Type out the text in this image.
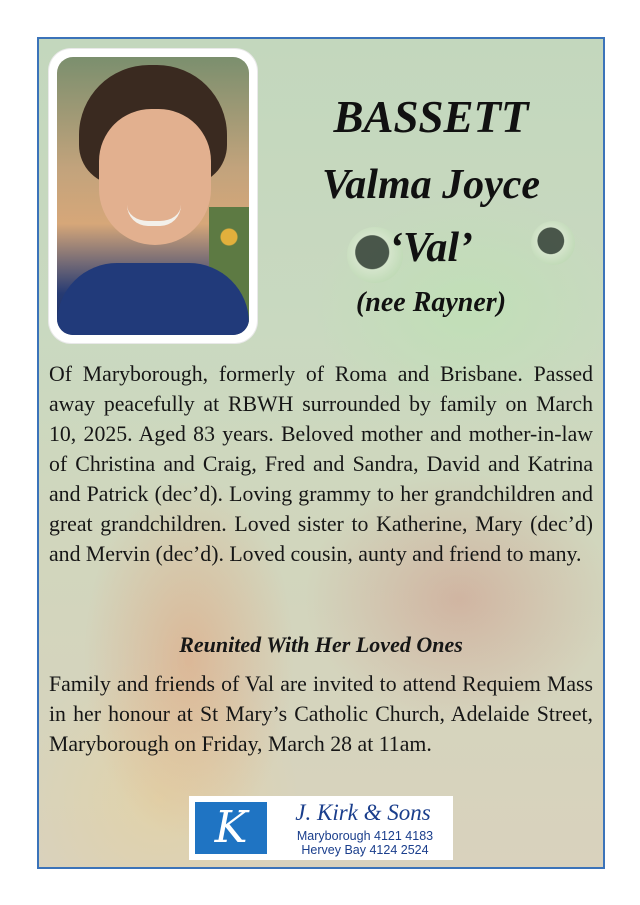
BASSETT
Valma Joyce
‘Val’
(nee Rayner)

Of Maryborough, formerly of Roma and Brisbane. Passed away peacefully at RBWH surrounded by family on March 10, 2025. Aged 83 years. Beloved mother and mother-in-law of Christina and Craig, Fred and Sandra, David and Katrina and Patrick (dec’d). Loving grammy to her grandchildren and great grandchildren. Loved sister to Katherine, Mary (dec’d) and Mervin (dec’d). Loved cousin, aunty and friend to many.

Reunited With Her Loved Ones

Family and friends of Val are invited to attend Requiem Mass in her honour at St Mary’s Catholic Church, Adelaide Street, Maryborough on Friday, March 28 at 11am.

K	J. Kirk & Sons
Maryborough 4121 4183
Hervey Bay 4124 2524
